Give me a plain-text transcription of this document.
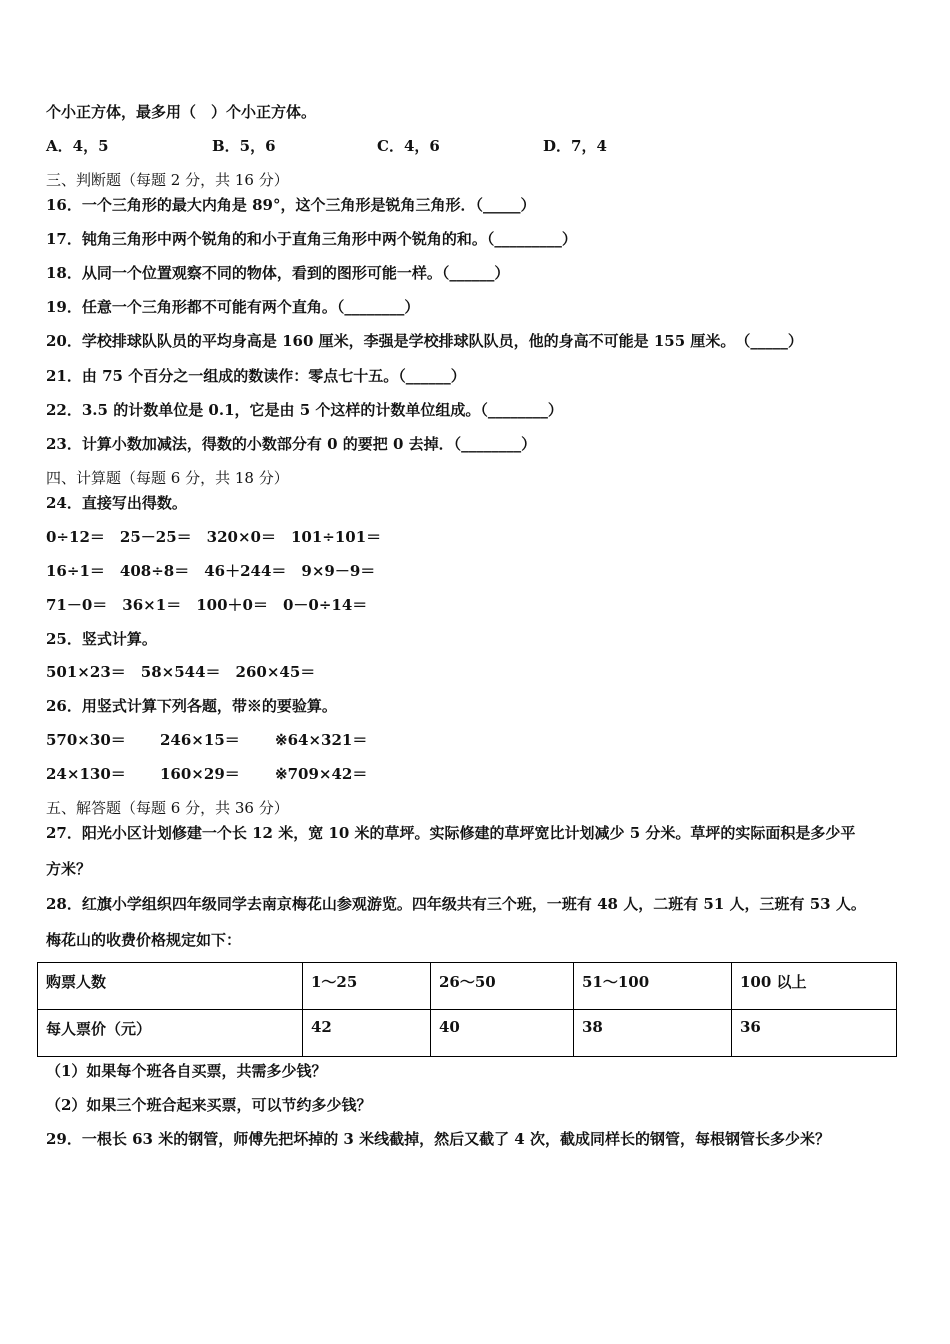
个小正方体，最多用（　）个小正方体。
A．4，5	B．5，6	C．4，6	D．7，4
三、判断题（每题 2 分，共 16 分）
16．一个三角形的最大内角是 89°，这个三角形是锐角三角形．（_____）
17．钝角三角形中两个锐角的和小于直角三角形中两个锐角的和。（_________）
18．从同一个位置观察不同的物体，看到的图形可能一样。（______）
19．任意一个三角形都不可能有两个直角。（________）
20．学校排球队队员的平均身高是 160 厘米，李强是学校排球队队员，他的身高不可能是 155 厘米。　（_____）
21．由 75 个百分之一组成的数读作：零点七十五。（______）
22．3.5 的计数单位是 0.1，它是由 5 个这样的计数单位组成。（________）
23．计算小数加减法，得数的小数部分有 0 的要把 0 去掉．（________）
四、计算题（每题 6 分，共 18 分）
24．直接写出得数。
0÷12＝　25－25＝　320×0＝　101÷101＝
16÷1＝　408÷8＝　46＋244＝　9×9－9＝
71－0＝　36×1＝　100＋0＝　0－0÷14＝
25．竖式计算。
501×23＝　58×544＝　260×45＝
26．用竖式计算下列各题，带※的要验算。
570×30＝ 246×15＝ ※64×321＝
24×130＝ 160×29＝ ※709×42＝
五、解答题（每题 6 分，共 36 分）
27．阳光小区计划修建一个长 12 米，宽 10 米的草坪。实际修建的草坪宽比计划减少 5 分米。草坪的实际面积是多少平
方米？
28．红旗小学组织四年级同学去南京梅花山参观游览。四年级共有三个班，一班有 48 人，二班有 51 人，三班有 53 人。
梅花山的收费价格规定如下：
购票人数	1～25	26～50	51～100	100 以上

每人票价（元）	42	40	38	36
（1）如果每个班各自买票，共需多少钱？
（2）如果三个班合起来买票，可以节约多少钱？
29．一根长 63 米的钢管，师傅先把坏掉的 3 米线截掉，然后又截了 4 次，截成同样长的钢管，每根钢管长多少米？
